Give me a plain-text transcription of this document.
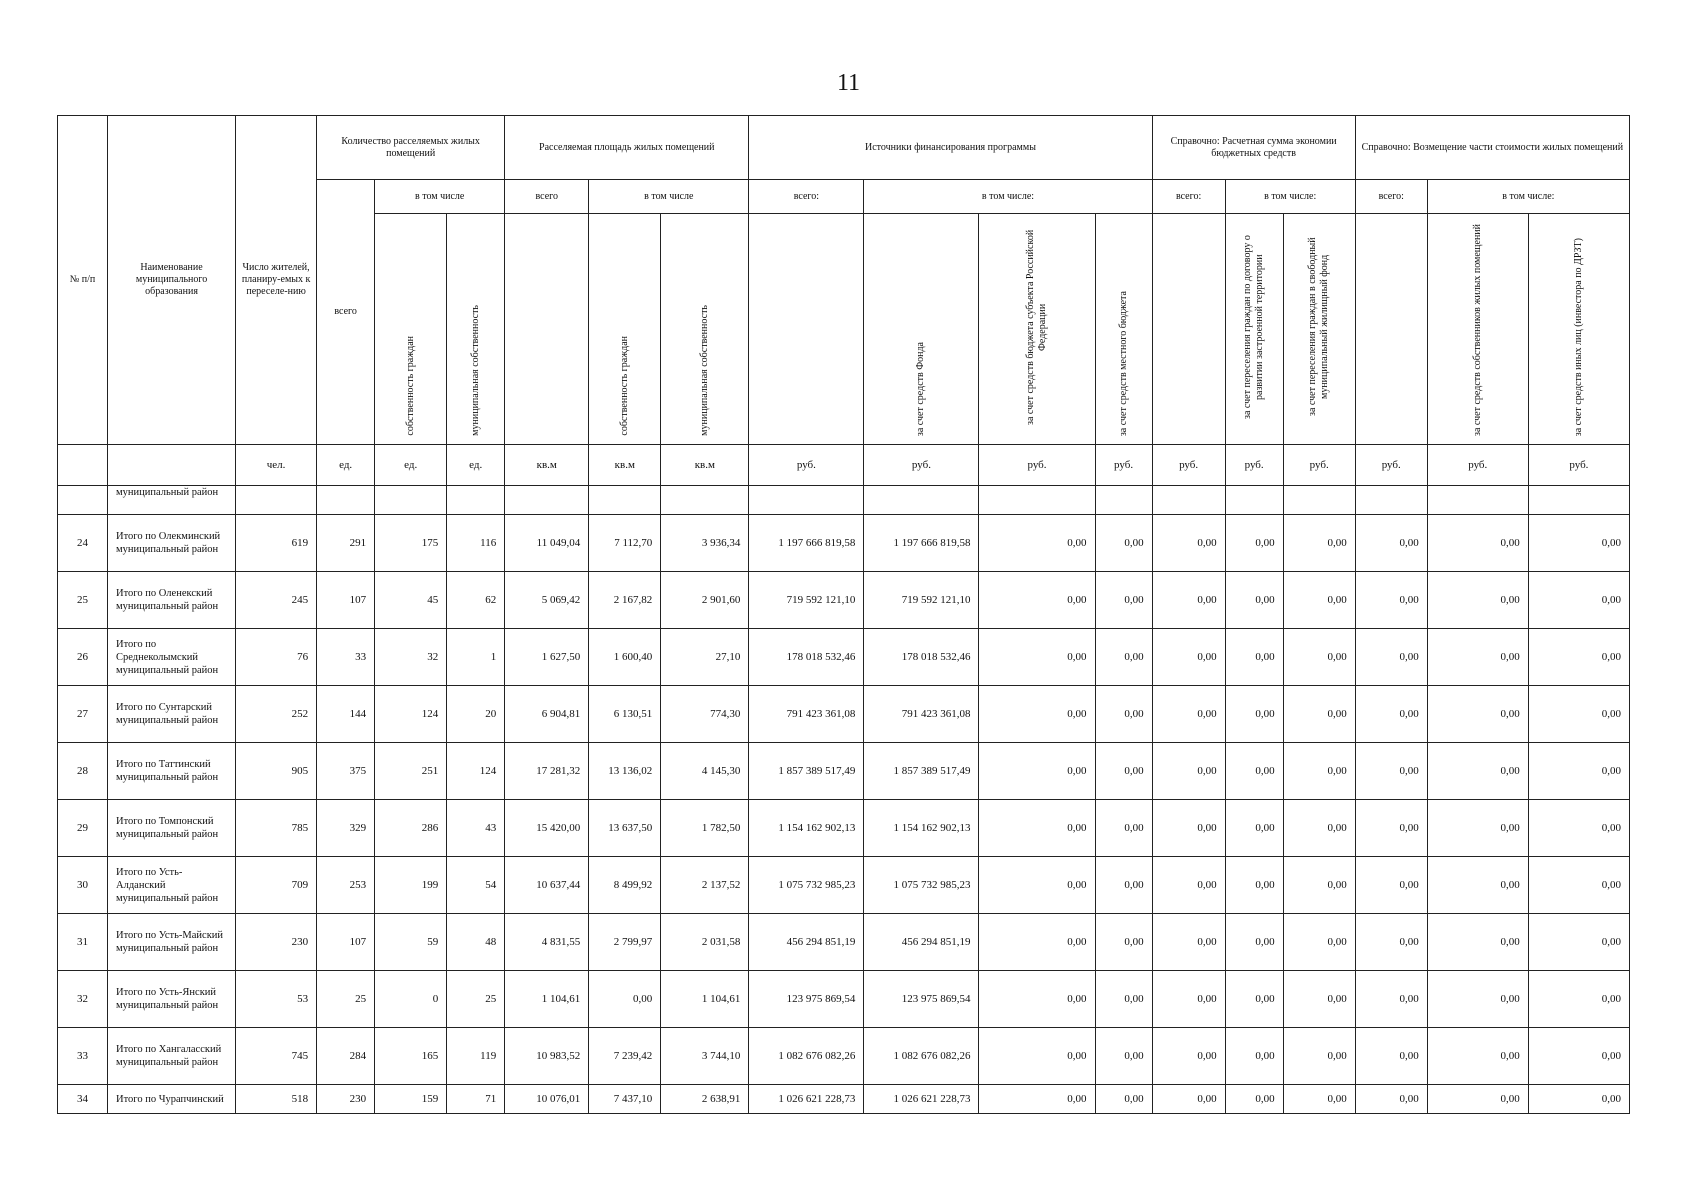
11
№ п/п	Наименование муниципального образования	Число жителей, планиру-емых к переселе-нию	Количество расселяемых жилых помещений			Расселяемая площадь жилых помещений			Источники финансирования программы				Справочно: Расчетная сумма экономии бюджетных средств			Справочно: Возмещение части стоимости жилых помещений		
			всего	в том числе		всего	в том числе		всего:	в том числе:			всего:	в том числе:		всего:	в том числе:	
				собственность граждан	муниципальная собственность		собственность граждан	муниципальная собственность		за счет средств Фонда	за счет средств бюджета субъекта Российской Федерации	за счет средств местного бюджета		за счет переселения граждан по договору о развитии застроенной территории	за счет переселения граждан в свободный муниципальный жилищный фонд		за счет средств собственников жилых помещений	за счет средств иных лиц (инвестора по ДРЗТ)
		чел.	ед.	ед.	ед.	кв.м	кв.м	кв.м	руб.	руб.	руб.	руб.	руб.	руб.	руб.	руб.	руб.	руб.
	муниципальный район																	
24	Итого по Олекминский муниципальный район	619	291	175	116	11 049,04	7 112,70	3 936,34	1 197 666 819,58	1 197 666 819,58	0,00	0,00	0,00	0,00	0,00	0,00	0,00	0,00
25	Итого по Оленекский муниципальный район	245	107	45	62	5 069,42	2 167,82	2 901,60	719 592 121,10	719 592 121,10	0,00	0,00	0,00	0,00	0,00	0,00	0,00	0,00
26	Итого по Среднеколымский муниципальный район	76	33	32	1	1 627,50	1 600,40	27,10	178 018 532,46	178 018 532,46	0,00	0,00	0,00	0,00	0,00	0,00	0,00	0,00
27	Итого по Сунтарский муниципальный район	252	144	124	20	6 904,81	6 130,51	774,30	791 423 361,08	791 423 361,08	0,00	0,00	0,00	0,00	0,00	0,00	0,00	0,00
28	Итого по Таттинский муниципальный район	905	375	251	124	17 281,32	13 136,02	4 145,30	1 857 389 517,49	1 857 389 517,49	0,00	0,00	0,00	0,00	0,00	0,00	0,00	0,00
29	Итого по Томпонский муниципальный район	785	329	286	43	15 420,00	13 637,50	1 782,50	1 154 162 902,13	1 154 162 902,13	0,00	0,00	0,00	0,00	0,00	0,00	0,00	0,00
30	Итого по Усть-Алданский муниципальный район	709	253	199	54	10 637,44	8 499,92	2 137,52	1 075 732 985,23	1 075 732 985,23	0,00	0,00	0,00	0,00	0,00	0,00	0,00	0,00
31	Итого по Усть-Майский муниципальный район	230	107	59	48	4 831,55	2 799,97	2 031,58	456 294 851,19	456 294 851,19	0,00	0,00	0,00	0,00	0,00	0,00	0,00	0,00
32	Итого по Усть-Янский муниципальный район	53	25	0	25	1 104,61	0,00	1 104,61	123 975 869,54	123 975 869,54	0,00	0,00	0,00	0,00	0,00	0,00	0,00	0,00
33	Итого по Хангаласский муниципальный район	745	284	165	119	10 983,52	7 239,42	3 744,10	1 082 676 082,26	1 082 676 082,26	0,00	0,00	0,00	0,00	0,00	0,00	0,00	0,00
34	Итого по Чурапчинский	518	230	159	71	10 076,01	7 437,10	2 638,91	1 026 621 228,73	1 026 621 228,73	0,00	0,00	0,00	0,00	0,00	0,00	0,00	0,00
